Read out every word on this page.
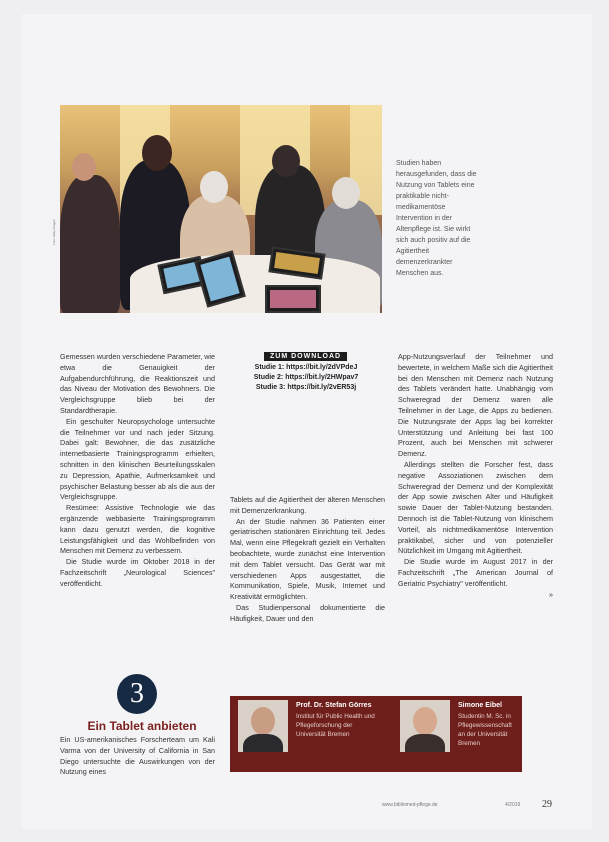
Foto: Getty Images
Studien haben herausgefunden, dass die Nutzung von Tablets eine praktikable nicht-medikamentöse Intervention in der Altenpflege ist. Sie wirkt sich auch positiv auf die Agitiertheit demenzerkrankter Menschen aus.

Gemessen wurden verschiedene Parameter, wie etwa die Genauigkeit der Aufgabendurchführung, die Reaktionszeit und das Niveau der Motivation des Bewohners. Die Vergleichsgruppe blieb bei der Standardtherapie.

Ein geschulter Neuropsychologe untersuchte die Teilnehmer vor und nach jeder Sitzung. Dabei galt: Bewohner, die das zusätzliche internetbasierte Trainingsprogramm erhielten, schnitten in den klinischen Beurteilungsskalen zu Depression, Apathie, Aufmerksamkeit und psychischer Belastung besser ab als die aus der Vergleichsgruppe.

Resümee: Assistive Technologie wie das ergänzende webbasierte Trainingsprogramm kann dazu genutzt werden, die kognitive Leistungsfähigkeit und das Wohlbefinden von Menschen mit Demenz zu verbessern.

Die Studie wurde im Oktober 2018 in der Fachzeitschrift „Neurological Sciences" veröffentlicht.

ZUM DOWNLOAD
Studie 1: https://bit.ly/2dVPdeJ
Studie 2: https://bit.ly/2HWpav7
Studie 3: https://bit.ly/2vER53j

Tablets auf die Agitiertheit der älteren Menschen mit Demenzerkrankung.

An der Studie nahmen 36 Patienten einer geriatrischen stationären Einrichtung teil. Jedes Mal, wenn eine Pflegekraft gezielt ein Verhalten beobachtete, wurde zunächst eine Intervention mit dem Tablet versucht. Das Gerät war mit verschiedenen Apps ausgestattet, die Kommunikation, Spiele, Musik, Internet und Kreativität ermöglichten.

Das Studienpersonal dokumentierte die Häufigkeit, Dauer und den

App-Nutzungsverlauf der Teilnehmer und bewertete, in welchem Maße sich die Agitiertheit bei den Menschen mit Demenz nach Nutzung des Tablets verändert hatte. Unabhängig vom Schweregrad der Demenz waren alle Teilnehmer in der Lage, die Apps zu bedienen. Die Nutzungsrate der Apps lag bei korrekter Unterstützung und Anleitung bei fast 100 Prozent, auch bei Menschen mit schwerer Demenz.

Allerdings stellten die Forscher fest, dass negative Assoziationen zwischen dem Schweregrad der Demenz und der Komplexität der App sowie zwischen Alter und Häufigkeit sowie Dauer der Tablet-Nutzung bestanden. Dennoch ist die Tablet-Nutzung von klinischem Vorteil, als nichtmedikamentöse Intervention praktikabel, sicher und von potenzieller Nützlichkeit im Umgang mit Agitiertheit.

Die Studie wurde im August 2017 in der Fachzeitschrift „The American Journal of Geriatric Psychiatry" veröffentlicht.

»

3
Ein Tablet anbieten

Ein US-amerikanisches Forscherteam um Kali Varma von der University of California in San Diego untersuchte die Auswirkungen von der Nutzung eines

Prof. Dr. Stefan Görres
Institut für Public Health und Pflegeforschung der Universität Bremen
Simone Eibel
Studentin M. Sc. in Pflegewissenschaft an der Universität Bremen
www.bibliomed-pflege.de	4/2019 29
